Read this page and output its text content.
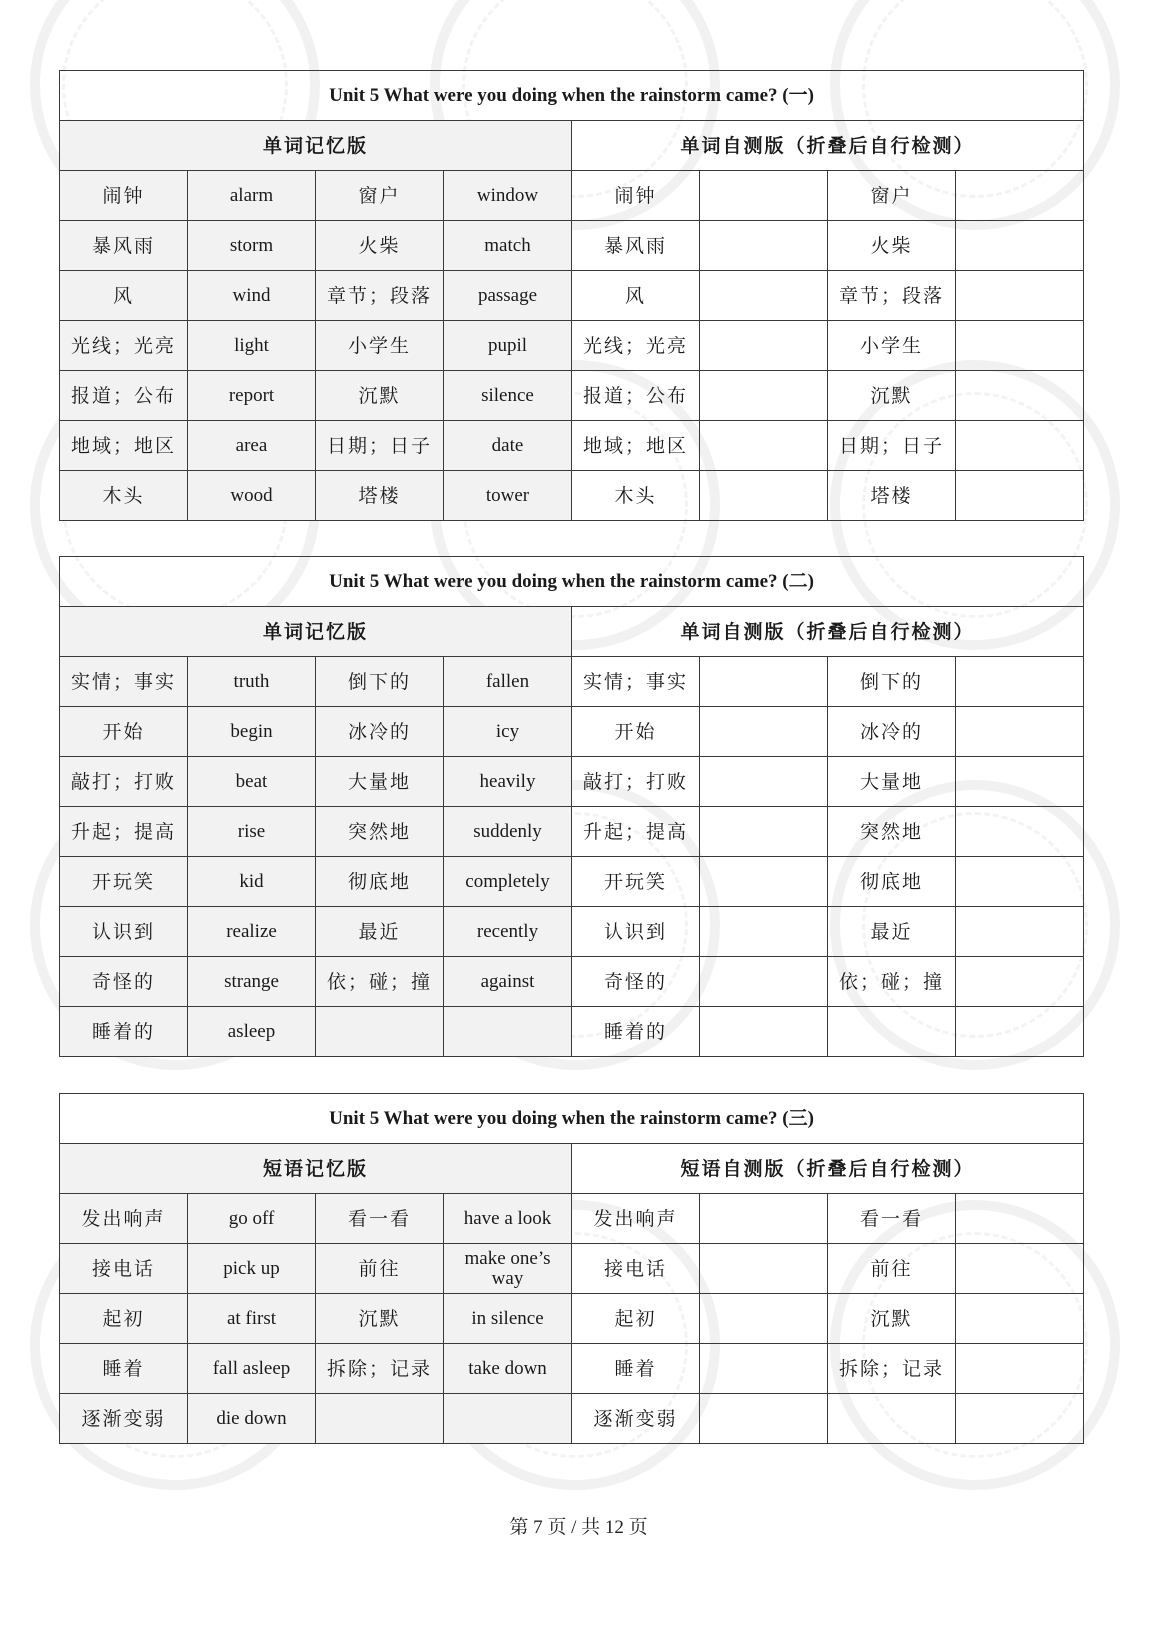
Unit 5 What were you doing when the rainstorm came? (一)							
单词记忆版				单词自测版（折叠后自行检测）			
闹钟	alarm	窗户	window	闹钟		窗户	
暴风雨	storm	火柴	match	暴风雨		火柴	
风	wind	章节；段落	passage	风		章节；段落	
光线；光亮	light	小学生	pupil	光线；光亮		小学生	
报道；公布	report	沉默	silence	报道；公布		沉默	
地域；地区	area	日期；日子	date	地域；地区		日期；日子	
木头	wood	塔楼	tower	木头		塔楼	
Unit 5 What were you doing when the rainstorm came? (二)							
单词记忆版				单词自测版（折叠后自行检测）			
实情；事实	truth	倒下的	fallen	实情；事实		倒下的	
开始	begin	冰冷的	icy	开始		冰冷的	
敲打；打败	beat	大量地	heavily	敲打；打败		大量地	
升起；提高	rise	突然地	suddenly	升起；提高		突然地	
开玩笑	kid	彻底地	completely	开玩笑		彻底地	
认识到	realize	最近	recently	认识到		最近	
奇怪的	strange	依；碰；撞	against	奇怪的		依；碰；撞	
睡着的	asleep			睡着的			
Unit 5 What were you doing when the rainstorm came? (三)							
短语记忆版				短语自测版（折叠后自行检测）			
发出响声	go off	看一看	have a look	发出响声		看一看	
接电话	pick up	前往	make one’s way	接电话		前往	
起初	at first	沉默	in silence	起初		沉默	
睡着	fall asleep	拆除；记录	take down	睡着		拆除；记录	
逐渐变弱	die down			逐渐变弱			
第 7 页 / 共 12 页
